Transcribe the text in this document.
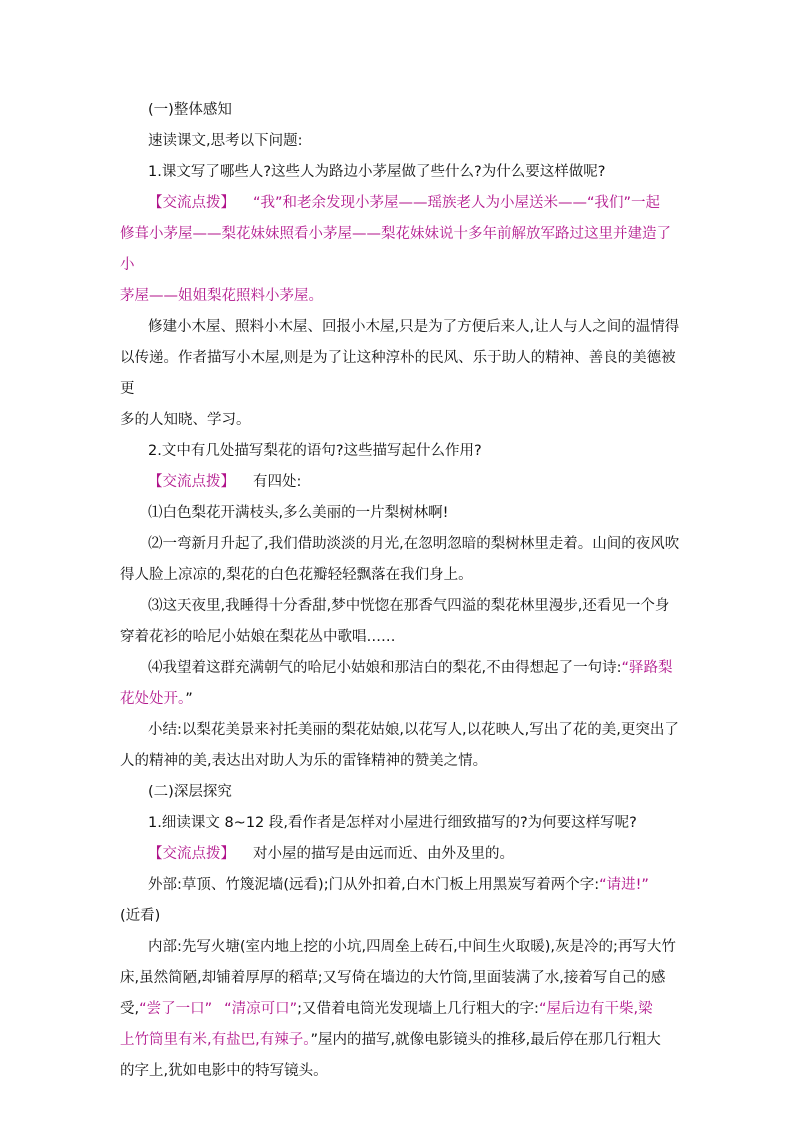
(一)整体感知

速读课文,思考以下问题:

1.课文写了哪些人?这些人为路边小茅屋做了些什么?为什么要这样做呢?

【交流点拨】 “我”和老余发现小茅屋——瑶族老人为小屋送米——“我们”一起

修葺小茅屋——梨花妹妹照看小茅屋——梨花妹妹说十多年前解放军路过这里并建造了小

茅屋——姐姐梨花照料小茅屋。

修建小木屋、照料小木屋、回报小木屋,只是为了方便后来人,让人与人之间的温情得

以传递。作者描写小木屋,则是为了让这种淳朴的民风、乐于助人的精神、善良的美德被更

多的人知晓、学习。

2.文中有几处描写梨花的语句?这些描写起什么作用?

【交流点拨】 有四处:

⑴白色梨花开满枝头,多么美丽的一片梨树林啊!

⑵一弯新月升起了,我们借助淡淡的月光,在忽明忽暗的梨树林里走着。山间的夜风吹

得人脸上凉凉的,梨花的白色花瓣轻轻飘落在我们身上。

⑶这天夜里,我睡得十分香甜,梦中恍惚在那香气四溢的梨花林里漫步,还看见一个身

穿着花衫的哈尼小姑娘在梨花丛中歌唱……

⑷我望着这群充满朝气的哈尼小姑娘和那洁白的梨花,不由得想起了一句诗:“驿路梨

花处处开。”

小结:以梨花美景来衬托美丽的梨花姑娘,以花写人,以花映人,写出了花的美,更突出了

人的精神的美,表达出对助人为乐的雷锋精神的赞美之情。

(二)深层探究

1.细读课文 8~12 段,看作者是怎样对小屋进行细致描写的?为何要这样写呢?

【交流点拨】 对小屋的描写是由远而近、由外及里的。

外部:草顶、竹篾泥墙(远看);门从外扣着,白木门板上用黑炭写着两个字:“请进!”

(近看)

内部:先写火塘(室内地上挖的小坑,四周垒上砖石,中间生火取暖),灰是冷的;再写大竹

床,虽然简陋,却铺着厚厚的稻草;又写倚在墙边的大竹筒,里面装满了水,接着写自己的感

受,“尝了一口” “清凉可口”;又借着电筒光发现墙上几行粗大的字:“屋后边有干柴,梁

上竹筒里有米,有盐巴,有辣子。”屋内的描写,就像电影镜头的推移,最后停在那几行粗大

的字上,犹如电影中的特写镜头。
